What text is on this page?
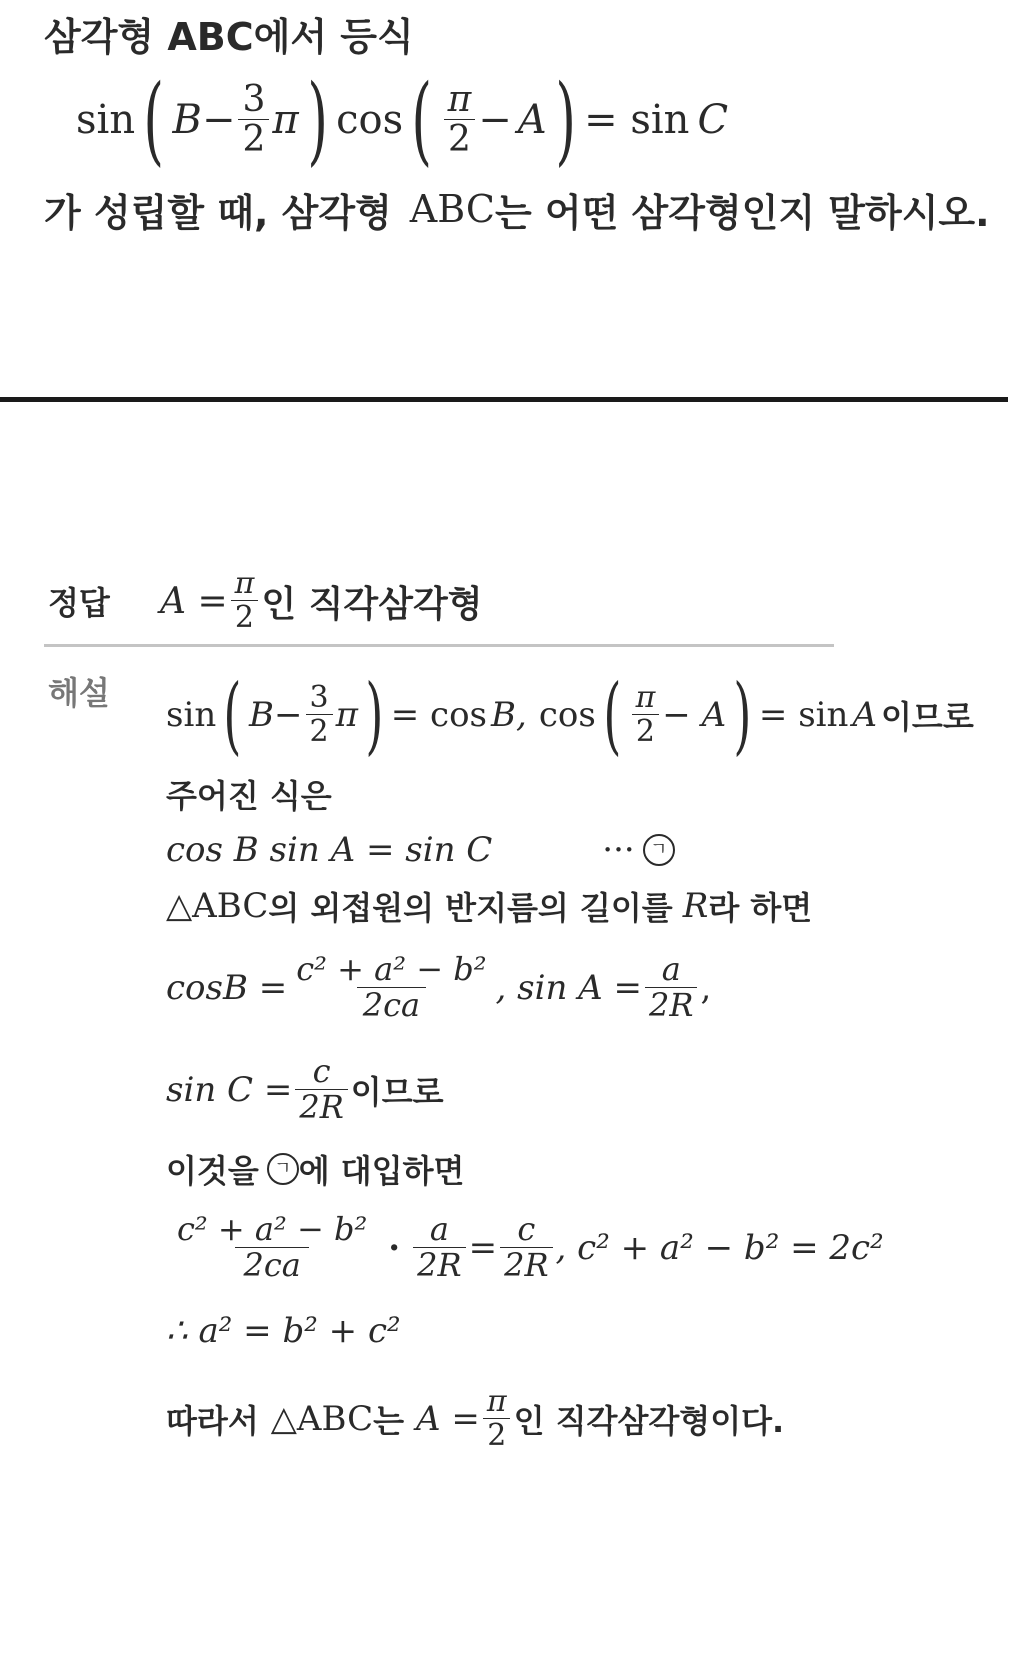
삼각형 ABC에서 등식
sin ( $B - \frac{3}{2}$ π ) cos ( $\frac{\pi}{2} - A$ ) = sin C
가 성립할 때, 삼각형 ABC 는 어떤 삼각형인지 말하시오.
정답 $A = \frac{\pi}{2}$ 인 직각삼각형
해설
sin ( $B - \frac{3}{2}$ π ) = cos B, cos ( $\frac{\pi}{2} - A$ ) = sin A 이므로
주어진 식은
cos B sin A = sin C	··· ㄱ
△ABC 의 외접원의 반지름의 길이를 R 라 하면
$\cos B = \frac{\text{c² + a² − b²}}{2ca}$ , $\sin A = \frac{a}{2R}$ ,
$\sin C = \frac{c}{2R}$ 이므로
이것을 ㄱ 에 대입하면
$\frac{\text{c² + a² − b²}}{2ca} \cdot \frac{a}{2R} = \frac{c}{2R}$ , c² + a² − b² = 2c²
∴ a² = b² + c²
따라서 △ABC 는 $A = \frac{\pi}{2}$ 인 직각삼각형이다.
